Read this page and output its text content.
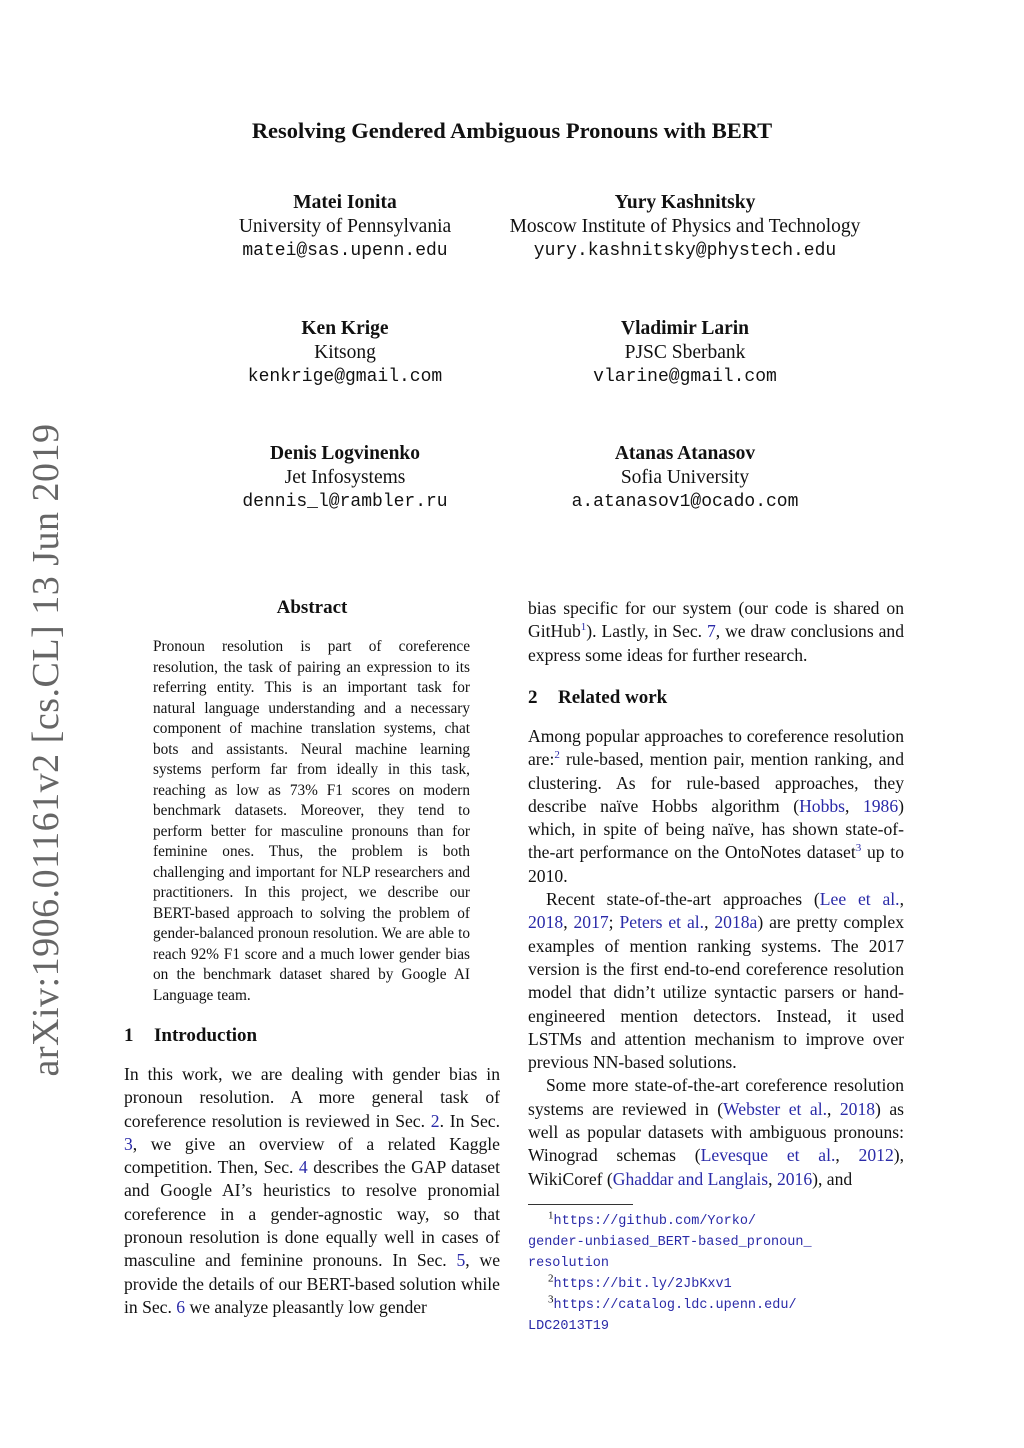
arXiv:1906.01161v2 [cs.CL] 13 Jun 2019
Resolving Gendered Ambiguous Pronouns with BERT
Matei Ionita
University of Pennsylvania
matei@sas.upenn.edu
Yury Kashnitsky
Moscow Institute of Physics and Technology
yury.kashnitsky@phystech.edu
Ken Krige
Kitsong
kenkrige@gmail.com
Vladimir Larin
PJSC Sberbank
vlarine@gmail.com
Denis Logvinenko
Jet Infosystems
dennis_l@rambler.ru
Atanas Atanasov
Sofia University
a.atanasov1@ocado.com
Abstract
Pronoun resolution is part of coreference resolution, the task of pairing an expression to its referring entity. This is an important task for natural language understanding and a necessary component of machine translation systems, chat bots and assistants. Neural machine learning systems perform far from ideally in this task, reaching as low as 73% F1 scores on modern benchmark datasets. Moreover, they tend to perform better for masculine pronouns than for feminine ones. Thus, the problem is both challenging and important for NLP researchers and practitioners. In this project, we describe our BERT-based approach to solving the problem of gender-balanced pronoun resolution. We are able to reach 92% F1 score and a much lower gender bias on the benchmark dataset shared by Google AI Language team.
1 Introduction

In this work, we are dealing with gender bias in pronoun resolution. A more general task of coreference resolution is reviewed in Sec. 2. In Sec. 3, we give an overview of a related Kaggle competition. Then, Sec. 4 describes the GAP dataset and Google AI’s heuristics to resolve pronomial coreference in a gender-agnostic way, so that pronoun resolution is done equally well in cases of masculine and feminine pronouns. In Sec. 5, we provide the details of our BERT-based solution while in Sec. 6 we analyze pleasantly low gender

bias specific for our system (our code is shared on GitHub$^1$). Lastly, in Sec. 7, we draw conclusions and express some ideas for further research.

2 Related work

Among popular approaches to coreference resolution are:$^2$ rule-based, mention pair, mention ranking, and clustering. As for rule-based approaches, they describe naïve Hobbs algorithm (Hobbs, 1986) which, in spite of being naïve, has shown state-of-the-art performance on the OntoNotes dataset$^3$ up to 2010.

Recent state-of-the-art approaches (Lee et al., 2018, 2017; Peters et al., 2018a) are pretty complex examples of mention ranking systems. The 2017 version is the first end-to-end coreference resolution model that didn’t utilize syntactic parsers or hand-engineered mention detectors. Instead, it used LSTMs and attention mechanism to improve over previous NN-based solutions.

Some more state-of-the-art coreference resolution systems are reviewed in (Webster et al., 2018) as well as popular datasets with ambiguous pronouns: Winograd schemas (Levesque et al., 2012), WikiCoref (Ghaddar and Langlais, 2016), and

$^1$https://github.com/Yorko/
gender-unbiased_BERT-based_pronoun_
resolution
$^2$https://bit.ly/2JbKxv1
$^3$https://catalog.ldc.upenn.edu/
LDC2013T19
